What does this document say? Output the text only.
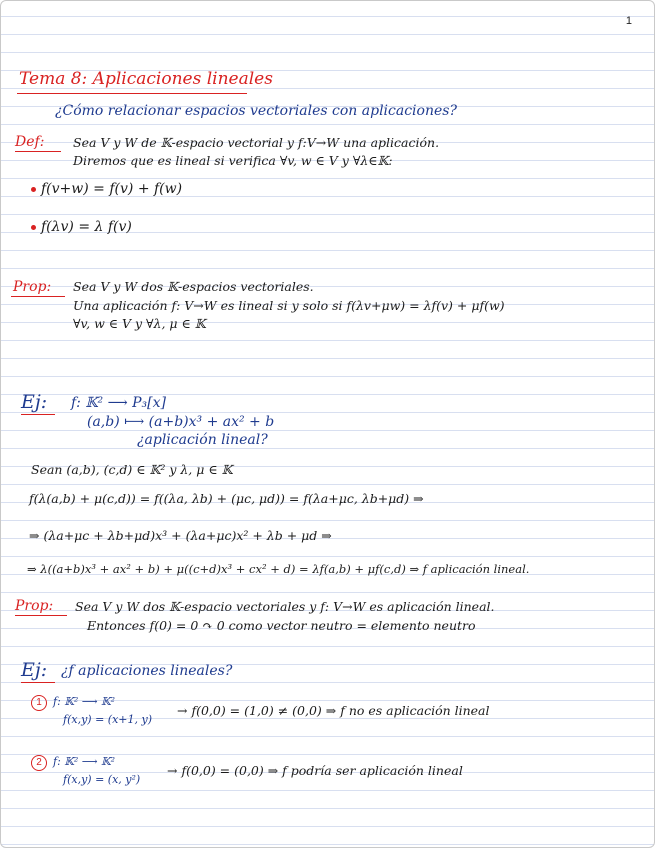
1
Tema 8: Aplicaciones lineales
¿Cómo relacionar espacios vectoriales con aplicaciones?
Def: Sea V y W de 𝕂-espacio vectorial y f:V→W una aplicación.
Diremos que es lineal si verifica ∀v, w ∈ V y ∀λ∈𝕂:
f(v+w) = f(v) + f(w)
f(λv) = λ f(v)
Prop: Sea V y W dos 𝕂-espacios vectoriales.
Una aplicación f: V→W es lineal si y solo si f(λv+μw) = λf(v) + μf(w)
∀v, w ∈ V y ∀λ, μ ∈ 𝕂
Ej: f: 𝕂² ⟶ P₃[x]
(a,b) ⟼ (a+b)x³ + ax² + b
¿aplicación lineal?
Sean (a,b), (c,d) ∈ 𝕂² y λ, μ ∈ 𝕂
f(λ(a,b) + μ(c,d)) = f((λa, λb) + (μc, μd)) = f(λa+μc, λb+μd) ⇒
⇒ (λa+μc + λb+μd)x³ + (λa+μc)x² + λb + μd ⇒
⇒ λ((a+b)x³ + ax² + b) + μ((c+d)x³ + cx² + d) = λf(a,b) + μf(c,d) ⇒ f aplicación lineal.
Prop: Sea V y W dos 𝕂-espacio vectoriales y f: V→W es aplicación lineal.
Entonces f(0) = 0 ↷ 0 como vector neutro = elemento neutro
Ej: ¿f aplicaciones lineales?
1	f: 𝕂² ⟶ 𝕂²
f(x,y) = (x+1, y)
→ f(0,0) = (1,0) ≠ (0,0) ⇒ f no es aplicación lineal
2	f: 𝕂² ⟶ 𝕂²
f(x,y) = (x, y²)
→ f(0,0) = (0,0) ⇒ f podría ser aplicación lineal
